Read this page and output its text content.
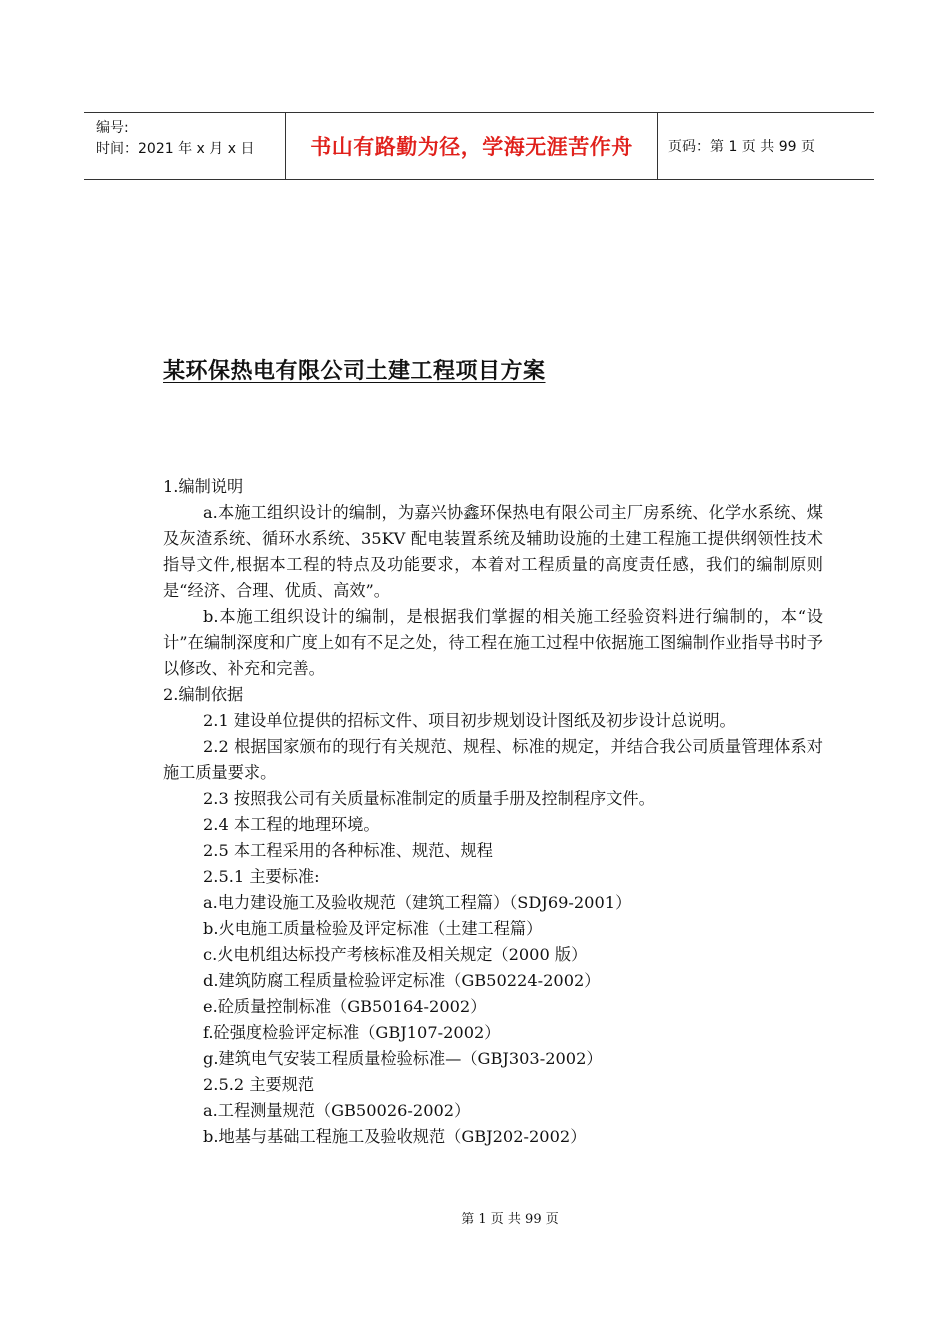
编号:
时间：2021 年 x 月 x 日	书山有路勤为径，学海无涯苦作舟	页码：第 1 页 共 99 页
某环保热电有限公司土建工程项目方案

1.编制说明

a.本施工组织设计的编制，为嘉兴协鑫环保热电有限公司主厂房系统、化学水系统、煤及灰渣系统、循环水系统、35KV 配电装置系统及辅助设施的土建工程施工提供纲领性技术指导文件,根据本工程的特点及功能要求，本着对工程质量的高度责任感，我们的编制原则是“经济、合理、优质、高效”。

b.本施工组织设计的编制，是根据我们掌握的相关施工经验资料进行编制的，本“设计”在编制深度和广度上如有不足之处，待工程在施工过程中依据施工图编制作业指导书时予以修改、补充和完善。

2.编制依据

2.1 建设单位提供的招标文件、项目初步规划设计图纸及初步设计总说明。

2.2 根据国家颁布的现行有关规范、规程、标准的规定，并结合我公司质量管理体系对施工质量要求。

2.3 按照我公司有关质量标准制定的质量手册及控制程序文件。

2.4 本工程的地理环境。

2.5 本工程采用的各种标准、规范、规程

2.5.1 主要标准:

a.电力建设施工及验收规范（建筑工程篇）（SDJ69-2001）

b.火电施工质量检验及评定标准（土建工程篇）

c.火电机组达标投产考核标准及相关规定（2000 版）

d.建筑防腐工程质量检验评定标准（GB50224-2002）

e.砼质量控制标准（GB50164-2002）

f.砼强度检验评定标准（GBJ107-2002）

g.建筑电气安装工程质量检验标准—（GBJ303-2002）

2.5.2 主要规范

a.工程测量规范（GB50026-2002）

b.地基与基础工程施工及验收规范（GBJ202-2002）

第 1 页 共 99 页
